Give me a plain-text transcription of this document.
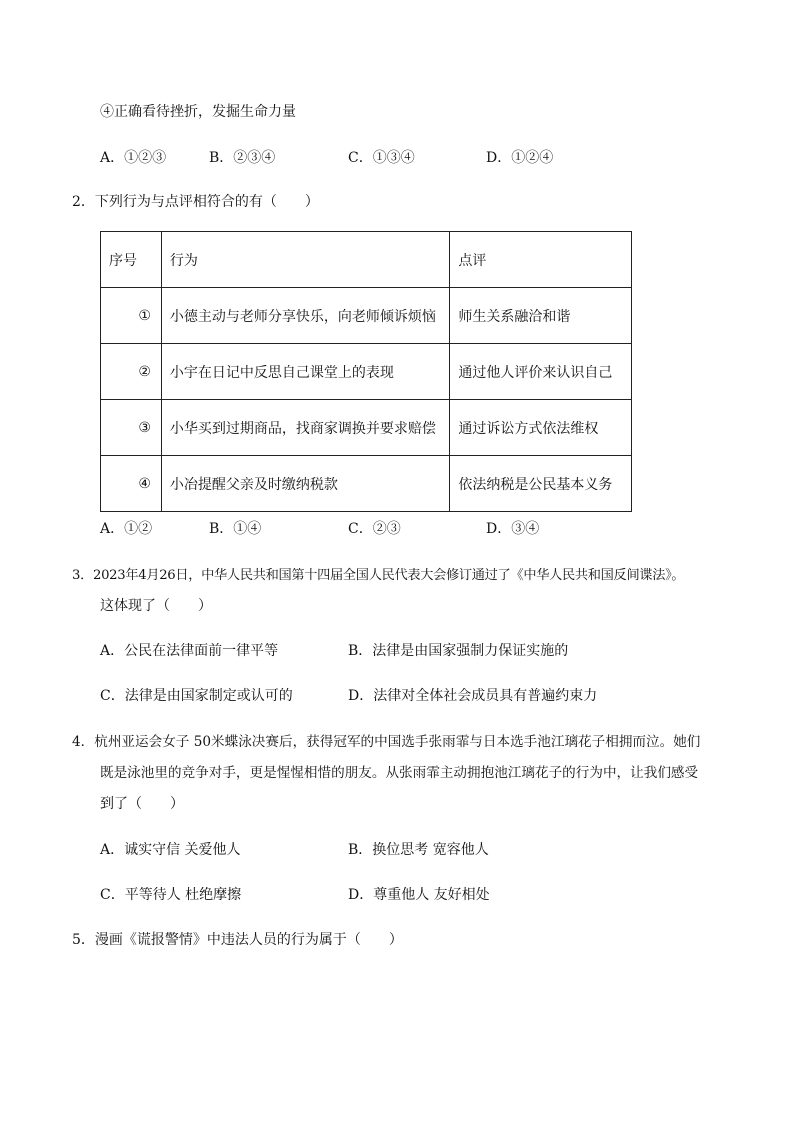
④正确看待挫折，发掘生命力量
A．①②③	B．②③④	C．①③④	D．①②④
2．下列行为与点评相符合的有（　　）
序号	行为	点评
①	小德主动与老师分享快乐，向老师倾诉烦恼	师生关系融洽和谐
②	小宇在日记中反思自己课堂上的表现	通过他人评价来认识自己
③	小华买到过期商品，找商家调换并要求赔偿	通过诉讼方式依法维权
④	小冶提醒父亲及时缴纳税款	依法纳税是公民基本义务
A．①②	B．①④	C．②③	D．③④
3．2023年4月26日，中华人民共和国第十四届全国人民代表大会修订通过了《中华人民共和国反间谍法》。
这体现了（　　）
A．公民在法律面前一律平等	B．法律是由国家强制力保证实施的
C．法律是由国家制定或认可的	D．法律对全体社会成员具有普遍约束力
4．杭州亚运会女子 50米蝶泳决赛后，获得冠军的中国选手张雨霏与日本选手池江璃花子相拥而泣。她们
既是泳池里的竞争对手，更是惺惺相惜的朋友。从张雨霏主动拥抱池江璃花子的行为中，让我们感受
到了（　　）
A．诚实守信 关爱他人	B．换位思考 宽容他人
C．平等待人 杜绝摩擦	D．尊重他人 友好相处
5．漫画《谎报警情》中违法人员的行为属于（　　）
